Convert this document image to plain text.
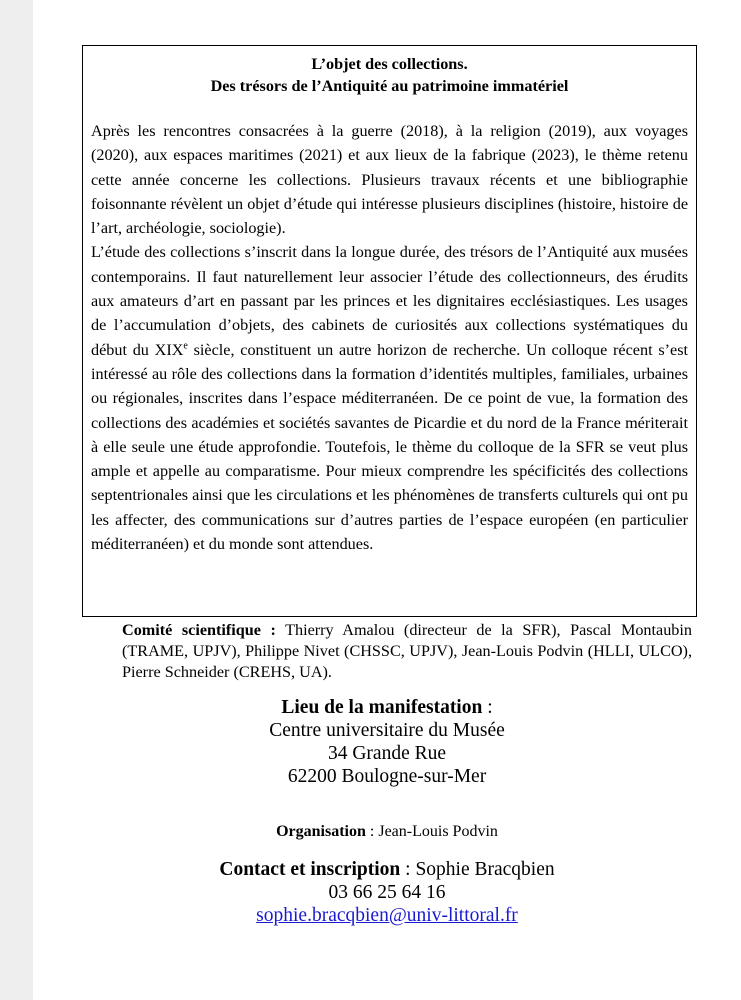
L’objet des collections.
Des trésors de l’Antiquité au patrimoine immatériel

Après les rencontres consacrées à la guerre (2018), à la religion (2019), aux voyages (2020), aux espaces maritimes (2021) et aux lieux de la fabrique (2023), le thème retenu cette année concerne les collections. Plusieurs travaux récents et une bibliographie foisonnante révèlent un objet d’étude qui intéresse plusieurs disciplines (histoire, histoire de l’art, archéologie, sociologie).

L’étude des collections s’inscrit dans la longue durée, des trésors de l’Antiquité aux musées contemporains. Il faut naturellement leur associer l’étude des collectionneurs, des érudits aux amateurs d’art en passant par les princes et les dignitaires ecclésiastiques. Les usages de l’accumulation d’objets, des cabinets de curiosités aux collections systématiques du début du XIXe siècle, constituent un autre horizon de recherche. Un colloque récent s’est intéressé au rôle des collections dans la formation d’identités multiples, familiales, urbaines ou régionales, inscrites dans l’espace méditerranéen. De ce point de vue, la formation des collections des académies et sociétés savantes de Picardie et du nord de la France mériterait à elle seule une étude approfondie. Toutefois, le thème du colloque de la SFR se veut plus ample et appelle au comparatisme. Pour mieux comprendre les spécificités des collections septentrionales ainsi que les circulations et les phénomènes de transferts culturels qui ont pu les affecter, des communications sur d’autres parties de l’espace européen (en particulier méditerranéen) et du monde sont attendues.

Comité scientifique : Thierry Amalou (directeur de la SFR), Pascal Montaubin (TRAME, UPJV), Philippe Nivet (CHSSC, UPJV), Jean-Louis Podvin (HLLI, ULCO), Pierre Schneider (CREHS, UA).
Lieu de la manifestation :
Centre universitaire du Musée
34 Grande Rue
62200 Boulogne-sur-Mer
Organisation : Jean-Louis Podvin
Contact et inscription : Sophie Bracqbien
03 66 25 64 16
sophie.bracqbien@univ-littoral.fr
